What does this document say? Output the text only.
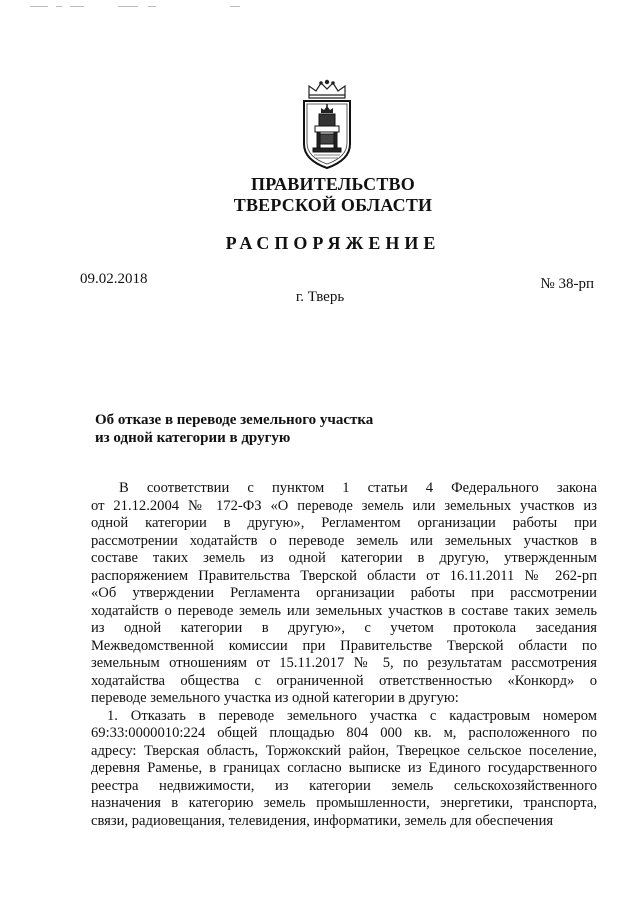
ПРАВИТЕЛЬСТВО
ТВЕРСКОЙ ОБЛАСТИ
РАСПОРЯЖЕНИЕ
09.02.2018	№ 38-рп
г. Тверь
Об отказе в переводе земельного участка
из одной категории в другую
В соответствии с пунктом 1 статьи 4 Федерального закона
от 21.12.2004 № 172-ФЗ «О переводе земель или земельных участков из
одной категории в другую», Регламентом организации работы при
рассмотрении ходатайств о переводе земель или земельных участков в
составе таких земель из одной категории в другую, утвержденным
распоряжением Правительства Тверской области от 16.11.2011 № 262-рп
«Об утверждении Регламента организации работы при рассмотрении
ходатайств о переводе земель или земельных участков в составе таких земель
из одной категории в другую», с учетом протокола заседания
Межведомственной комиссии при Правительстве Тверской области по
земельным отношениям от 15.11.2017 № 5, по результатам рассмотрения
ходатайства общества с ограниченной ответственностью «Конкорд» о
переводе земельного участка из одной категории в другую:
1. Отказать в переводе земельного участка с кадастровым номером
69:33:0000010:224 общей площадью 804 000 кв. м, расположенного по
адресу: Тверская область, Торжокский район, Тверецкое сельское поселение,
деревня Раменье, в границах согласно выписке из Единого государственного
реестра недвижимости, из категории земель сельскохозяйственного
назначения в категорию земель промышленности, энергетики, транспорта,
связи, радиовещания, телевидения, информатики, земель для обеспечения
